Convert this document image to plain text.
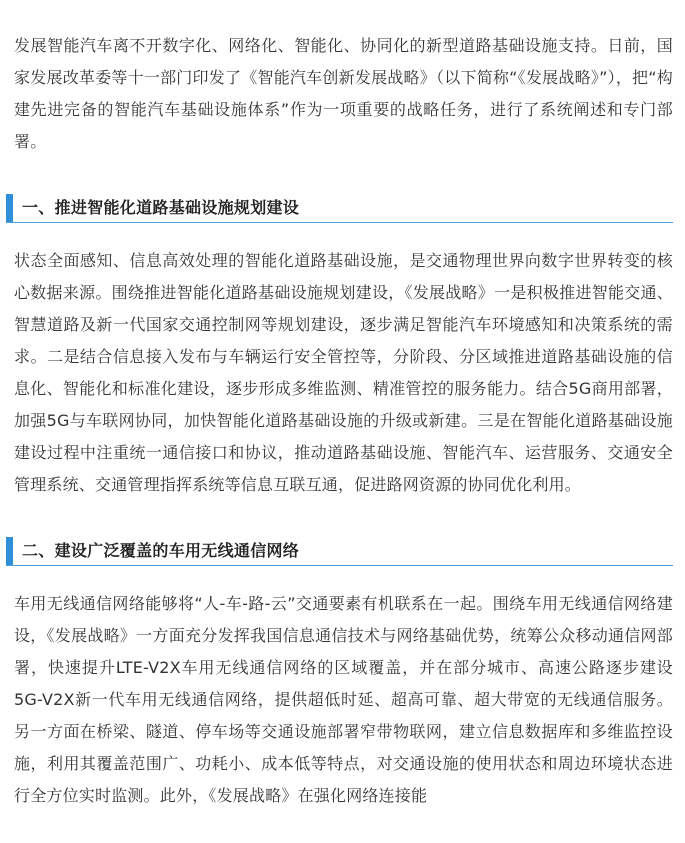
发展智能汽车离不开数字化、网络化、智能化、协同化的新型道路基础设施支持。日前，国家发展改革委等十一部门印发了《智能汽车创新发展战略》（以下简称“《发展战略》”），把“构建先进完备的智能汽车基础设施体系”作为一项重要的战略任务，进行了系统阐述和专门部署。

一、推进智能化道路基础设施规划建设

状态全面感知、信息高效处理的智能化道路基础设施，是交通物理世界向数字世界转变的核心数据来源。围绕推进智能化道路基础设施规划建设，《发展战略》一是积极推进智能交通、智慧道路及新一代国家交通控制网等规划建设，逐步满足智能汽车环境感知和决策系统的需求。二是结合信息接入发布与车辆运行安全管控等，分阶段、分区域推进道路基础设施的信息化、智能化和标准化建设，逐步形成多维监测、精准管控的服务能力。结合5G商用部署，加强5G与车联网协同，加快智能化道路基础设施的升级或新建。三是在智能化道路基础设施建设过程中注重统一通信接口和协议，推动道路基础设施、智能汽车、运营服务、交通安全管理系统、交通管理指挥系统等信息互联互通，促进路网资源的协同优化利用。

二、建设广泛覆盖的车用无线通信网络

车用无线通信网络能够将“人-车-路-云”交通要素有机联系在一起。围绕车用无线通信网络建设，《发展战略》一方面充分发挥我国信息通信技术与网络基础优势，统筹公众移动通信网部署，快速提升LTE-V2X车用无线通信网络的区域覆盖，并在部分城市、高速公路逐步建设5G-V2X新一代车用无线通信网络，提供超低时延、超高可靠、超大带宽的无线通信服务。另一方面在桥梁、隧道、停车场等交通设施部署窄带物联网，建立信息数据库和多维监控设施，利用其覆盖范围广、功耗小、成本低等特点，对交通设施的使用状态和周边环境状态进行全方位实时监测。此外，《发展战略》在强化网络连接能
